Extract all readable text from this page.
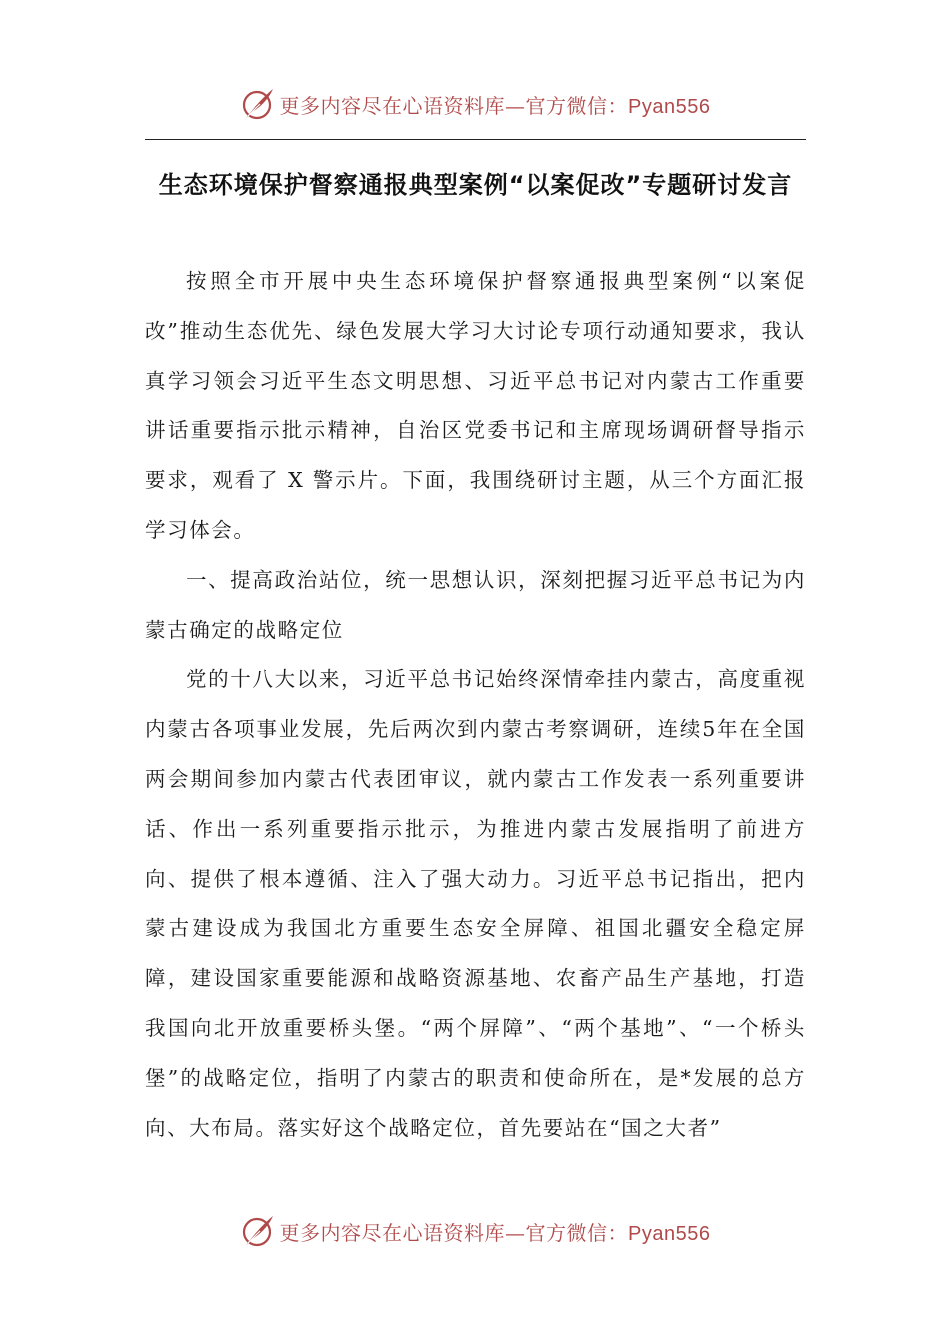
更多内容尽在心语资料库—官方微信：Pyan556
生态环境保护督察通报典型案例“以案促改”专题研讨发言

按照全市开展中央生态环境保护督察通报典型案例“以案促改”推动生态优先、绿色发展大学习大讨论专项行动通知要求，我认真学习领会习近平生态文明思想、习近平总书记对内蒙古工作重要讲话重要指示批示精神，自治区党委书记和主席现场调研督导指示要求，观看了 X 警示片。下面，我围绕研讨主题，从三个方面汇报学习体会。

一、提高政治站位，统一思想认识，深刻把握习近平总书记为内蒙古确定的战略定位

党的十八大以来，习近平总书记始终深情牵挂内蒙古，高度重视内蒙古各项事业发展，先后两次到内蒙古考察调研，连续5年在全国两会期间参加内蒙古代表团审议，就内蒙古工作发表一系列重要讲话、作出一系列重要指示批示，为推进内蒙古发展指明了前进方向、提供了根本遵循、注入了强大动力。习近平总书记指出，把内蒙古建设成为我国北方重要生态安全屏障、祖国北疆安全稳定屏障，建设国家重要能源和战略资源基地、农畜产品生产基地，打造我国向北开放重要桥头堡。“两个屏障”、“两个基地”、“一个桥头堡”的战略定位，指明了内蒙古的职责和使命所在，是*发展的总方向、大布局。落实好这个战略定位，首先要站在“国之大者”

更多内容尽在心语资料库—官方微信：Pyan556
